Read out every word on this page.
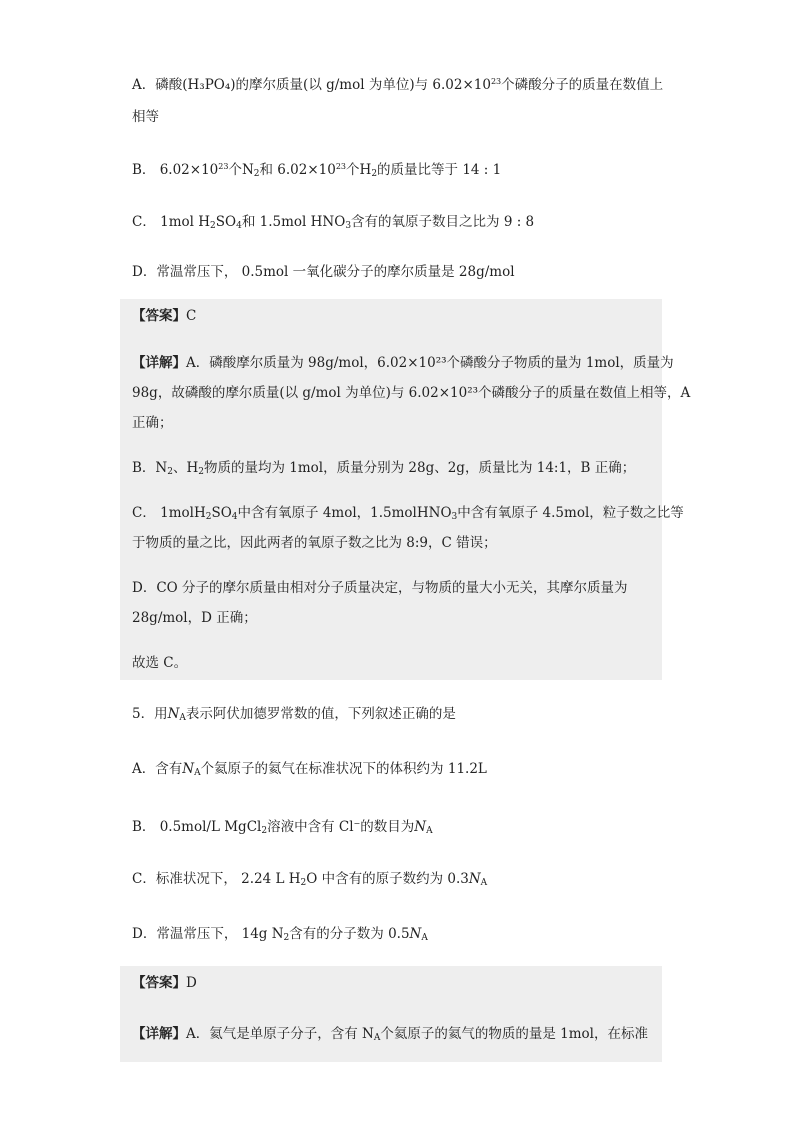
A．磷酸(H₃PO₄)的摩尔质量(以 g/mol 为单位)与 $6.02\times 10^{23}$个磷酸分子的质量在数值上
相等
B． $6.02\times 10^{23}$个$N_2$和 $6.02\times 10^{23}$个$H_2$的质量比等于 14 : 1
C． 1mol $H_2SO_4$和 1.5mol $HNO_3$含有的氧原子数目之比为 9 : 8
D．常温常压下， 0.5mol 一氧化碳分子的摩尔质量是 28g/mol
【答案】C
【详解】A．磷酸摩尔质量为 98g/mol，6.02×10²³个磷酸分子物质的量为 1mol，质量为
98g，故磷酸的摩尔质量(以 g/mol 为单位)与 6.02×10²³个磷酸分子的质量在数值上相等，A
正确；
B．$N_2$、$H_2$物质的量均为 1mol，质量分别为 28g、2g，质量比为 14:1，B 正确；
C． $1molH_2SO_4$中含有氧原子 4mol，1.5molHNO$_3$中含有氧原子 4.5mol，粒子数之比等
于物质的量之比，因此两者的氧原子数之比为 8:9，C 错误；
D．CO 分子的摩尔质量由相对分子质量决定，与物质的量大小无关，其摩尔质量为
28g/mol，D 正确；
故选 C。
5．用$N_A$表示阿伏加德罗常数的值，下列叙述正确的是
A．含有$N_A$个氦原子的氦气在标准状况下的体积约为 11.2L
B． 0.5mol/L MgCl$_2$溶液中含有 Cl−的数目为$N_A$
C．标准状况下， 2.24 L $H_2O$ 中含有的原子数约为 $0.3N_A$
D．常温常压下， 14g $N_2$含有的分子数为 $0.5N_A$
【答案】D
【详解】A．氦气是单原子分子，含有 $N_A$个氦原子的氦气的物质的量是 1mol，在标准
